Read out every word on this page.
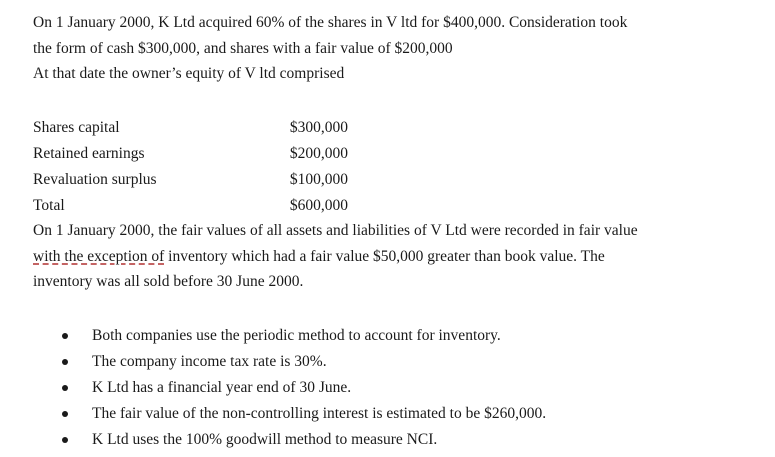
On 1 January 2000, K Ltd acquired 60% of the shares in V ltd for $400,000. Consideration took
the form of cash $300,000, and shares with a fair value of $200,000
At that date the owner’s equity of V ltd comprised

Shares capital	$300,000
Retained earnings	$200,000
Revaluation surplus	$100,000
Total	$600,000

On 1 January 2000, the fair values of all assets and liabilities of V Ltd were recorded in fair value
with the exception of inventory which had a fair value $50,000 greater than book value. The
inventory was all sold before 30 June 2000.

Both companies use the periodic method to account for inventory.
The company income tax rate is 30%.
K Ltd has a financial year end of 30 June.
The fair value of the non-controlling interest is estimated to be $260,000.
K Ltd uses the 100% goodwill method to measure NCI.
